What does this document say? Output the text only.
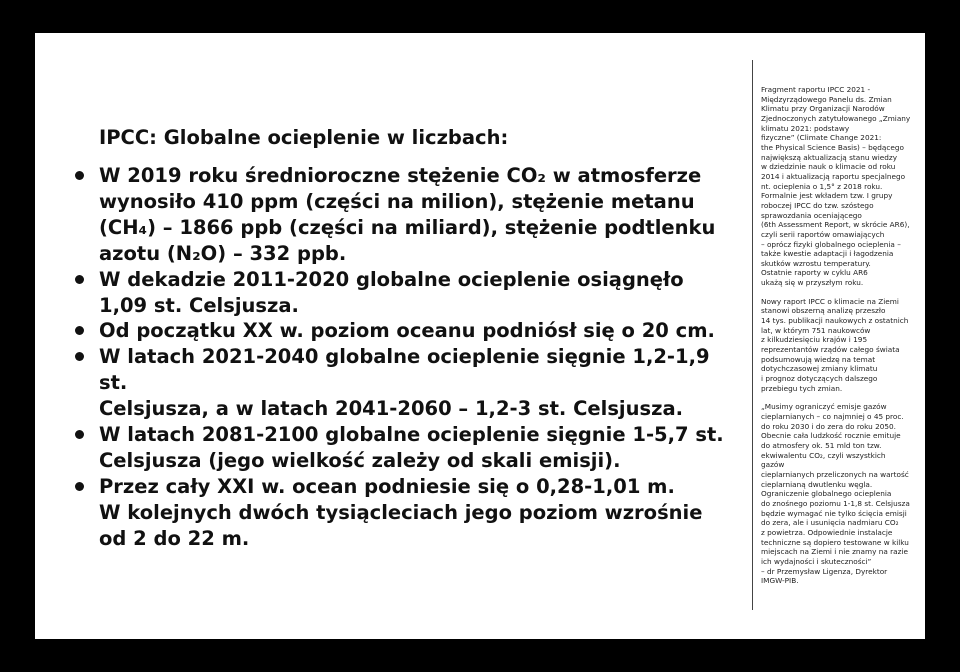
IPCC: Globalne ocieplenie w liczbach:
W 2019 roku średnioroczne stężenie CO₂ w atmosferze
wynosiło 410 ppm (części na milion), stężenie metanu
(CH₄) – 1866 ppb (części na miliard), stężenie podtlenku
azotu (N₂O) – 332 ppb.
W dekadzie 2011-2020 globalne ocieplenie osiągnęło
1,09 st. Celsjusza.
Od początku XX w. poziom oceanu podniósł się o 20 cm.
W latach 2021-2040 globalne ocieplenie sięgnie 1,2-1,9 st.
Celsjusza, a w latach 2041-2060 – 1,2-3 st. Celsjusza.
W latach 2081-2100 globalne ocieplenie sięgnie 1-5,7 st.
Celsjusza (jego wielkość zależy od skali emisji).
Przez cały XXI w. ocean podniesie się o 0,28-1,01 m.
W kolejnych dwóch tysiącleciach jego poziom wzrośnie
od 2 do 22 m.

Fragment raportu IPCC 2021 -
Międzyrządowego Panelu ds. Zmian
Klimatu przy Organizacji Narodów
Zjednoczonych zatytułowanego „Zmiany
klimatu 2021: podstawy
fizyczne” (Climate Change 2021:
the Physical Science Basis) – będącego
największą aktualizacją stanu wiedzy
w dziedzinie nauk o klimacie od roku
2014 i aktualizacją raportu specjalnego
nt. ocieplenia o 1,5° z 2018 roku.
Formalnie jest wkładem tzw. I grupy
roboczej IPCC do tzw. szóstego
sprawozdania oceniającego
(6th Assessment Report, w skrócie AR6),
czyli serii raportów omawiających
– oprócz fizyki globalnego ocieplenia –
także kwestie adaptacji i łagodzenia
skutków wzrostu temperatury.
Ostatnie raporty w cyklu AR6
ukażą się w przyszłym roku.

Nowy raport IPCC o klimacie na Ziemi
stanowi obszerną analizę przeszło
14 tys. publikacji naukowych z ostatnich
lat, w którym 751 naukowców
z kilkudziesięciu krajów i 195
reprezentantów rządów całego świata
podsumowują wiedzę na temat
dotychczasowej zmiany klimatu
i prognoz dotyczących dalszego
przebiegu tych zmian.

„Musimy ograniczyć emisje gazów
cieplarnianych – co najmniej o 45 proc.
do roku 2030 i do zera do roku 2050.
Obecnie cała ludzkość rocznie emituje
do atmosfery ok. 51 mld ton tzw.
ekwiwalentu CO₂, czyli wszystkich gazów
cieplarnianych przeliczonych na wartość
cieplarnianą dwutlenku węgla.
Ograniczenie globalnego ocieplenia
do znośnego poziomu 1-1,8 st. Celsjusza
będzie wymagać nie tylko ścięcia emisji
do zera, ale i usunięcia nadmiaru CO₂
z powietrza. Odpowiednie instalacje
techniczne są dopiero testowane w kilku
miejscach na Ziemi i nie znamy na razie
ich wydajności i skuteczności”
– dr Przemysław Ligenza, Dyrektor
IMGW-PIB.
